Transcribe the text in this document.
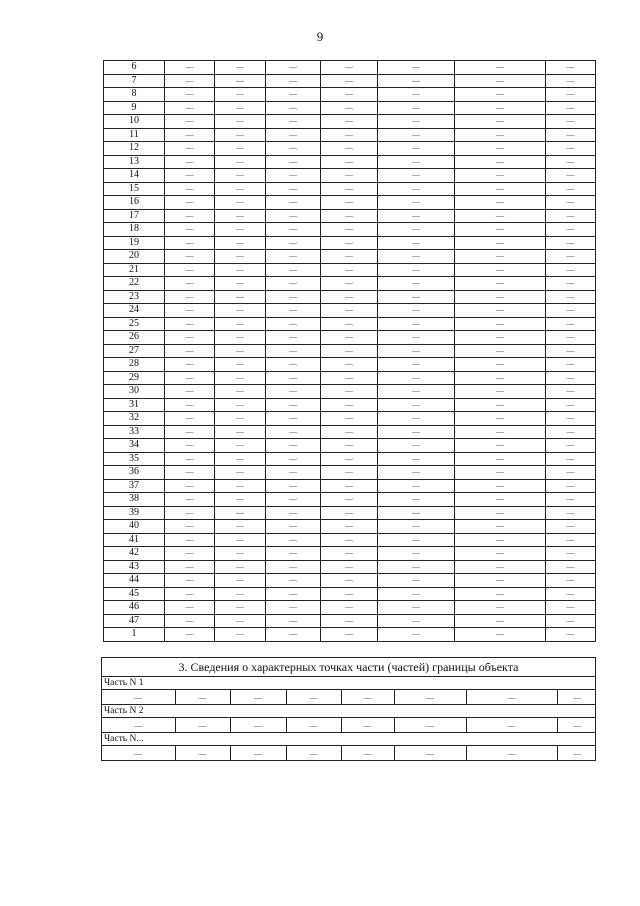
9
6	—	—	—	—	—	—	—
7	—	—	—	—	—	—	—
8	—	—	—	—	—	—	—
9	—	—	—	—	—	—	—
10	—	—	—	—	—	—	—
11	—	—	—	—	—	—	—
12	—	—	—	—	—	—	—
13	—	—	—	—	—	—	—
14	—	—	—	—	—	—	—
15	—	—	—	—	—	—	—
16	—	—	—	—	—	—	—
17	—	—	—	—	—	—	—
18	—	—	—	—	—	—	—
19	—	—	—	—	—	—	—
20	—	—	—	—	—	—	—
21	—	—	—	—	—	—	—
22	—	—	—	—	—	—	—
23	—	—	—	—	—	—	—
24	—	—	—	—	—	—	—
25	—	—	—	—	—	—	—
26	—	—	—	—	—	—	—
27	—	—	—	—	—	—	—
28	—	—	—	—	—	—	—
29	—	—	—	—	—	—	—
30	—	—	—	—	—	—	—
31	—	—	—	—	—	—	—
32	—	—	—	—	—	—	—
33	—	—	—	—	—	—	—
34	—	—	—	—	—	—	—
35	—	—	—	—	—	—	—
36	—	—	—	—	—	—	—
37	—	—	—	—	—	—	—
38	—	—	—	—	—	—	—
39	—	—	—	—	—	—	—
40	—	—	—	—	—	—	—
41	—	—	—	—	—	—	—
42	—	—	—	—	—	—	—
43	—	—	—	—	—	—	—
44	—	—	—	—	—	—	—
45	—	—	—	—	—	—	—
46	—	—	—	—	—	—	—
47	—	—	—	—	—	—	—
1	—	—	—	—	—	—	—
3. Сведения о характерных точках части (частей) границы объекта
Часть N 1
—	—	—	—	—	—	—	—
Часть N 2
—	—	—	—	—	—	—	—
Часть N...
—	—	—	—	—	—	—	—
